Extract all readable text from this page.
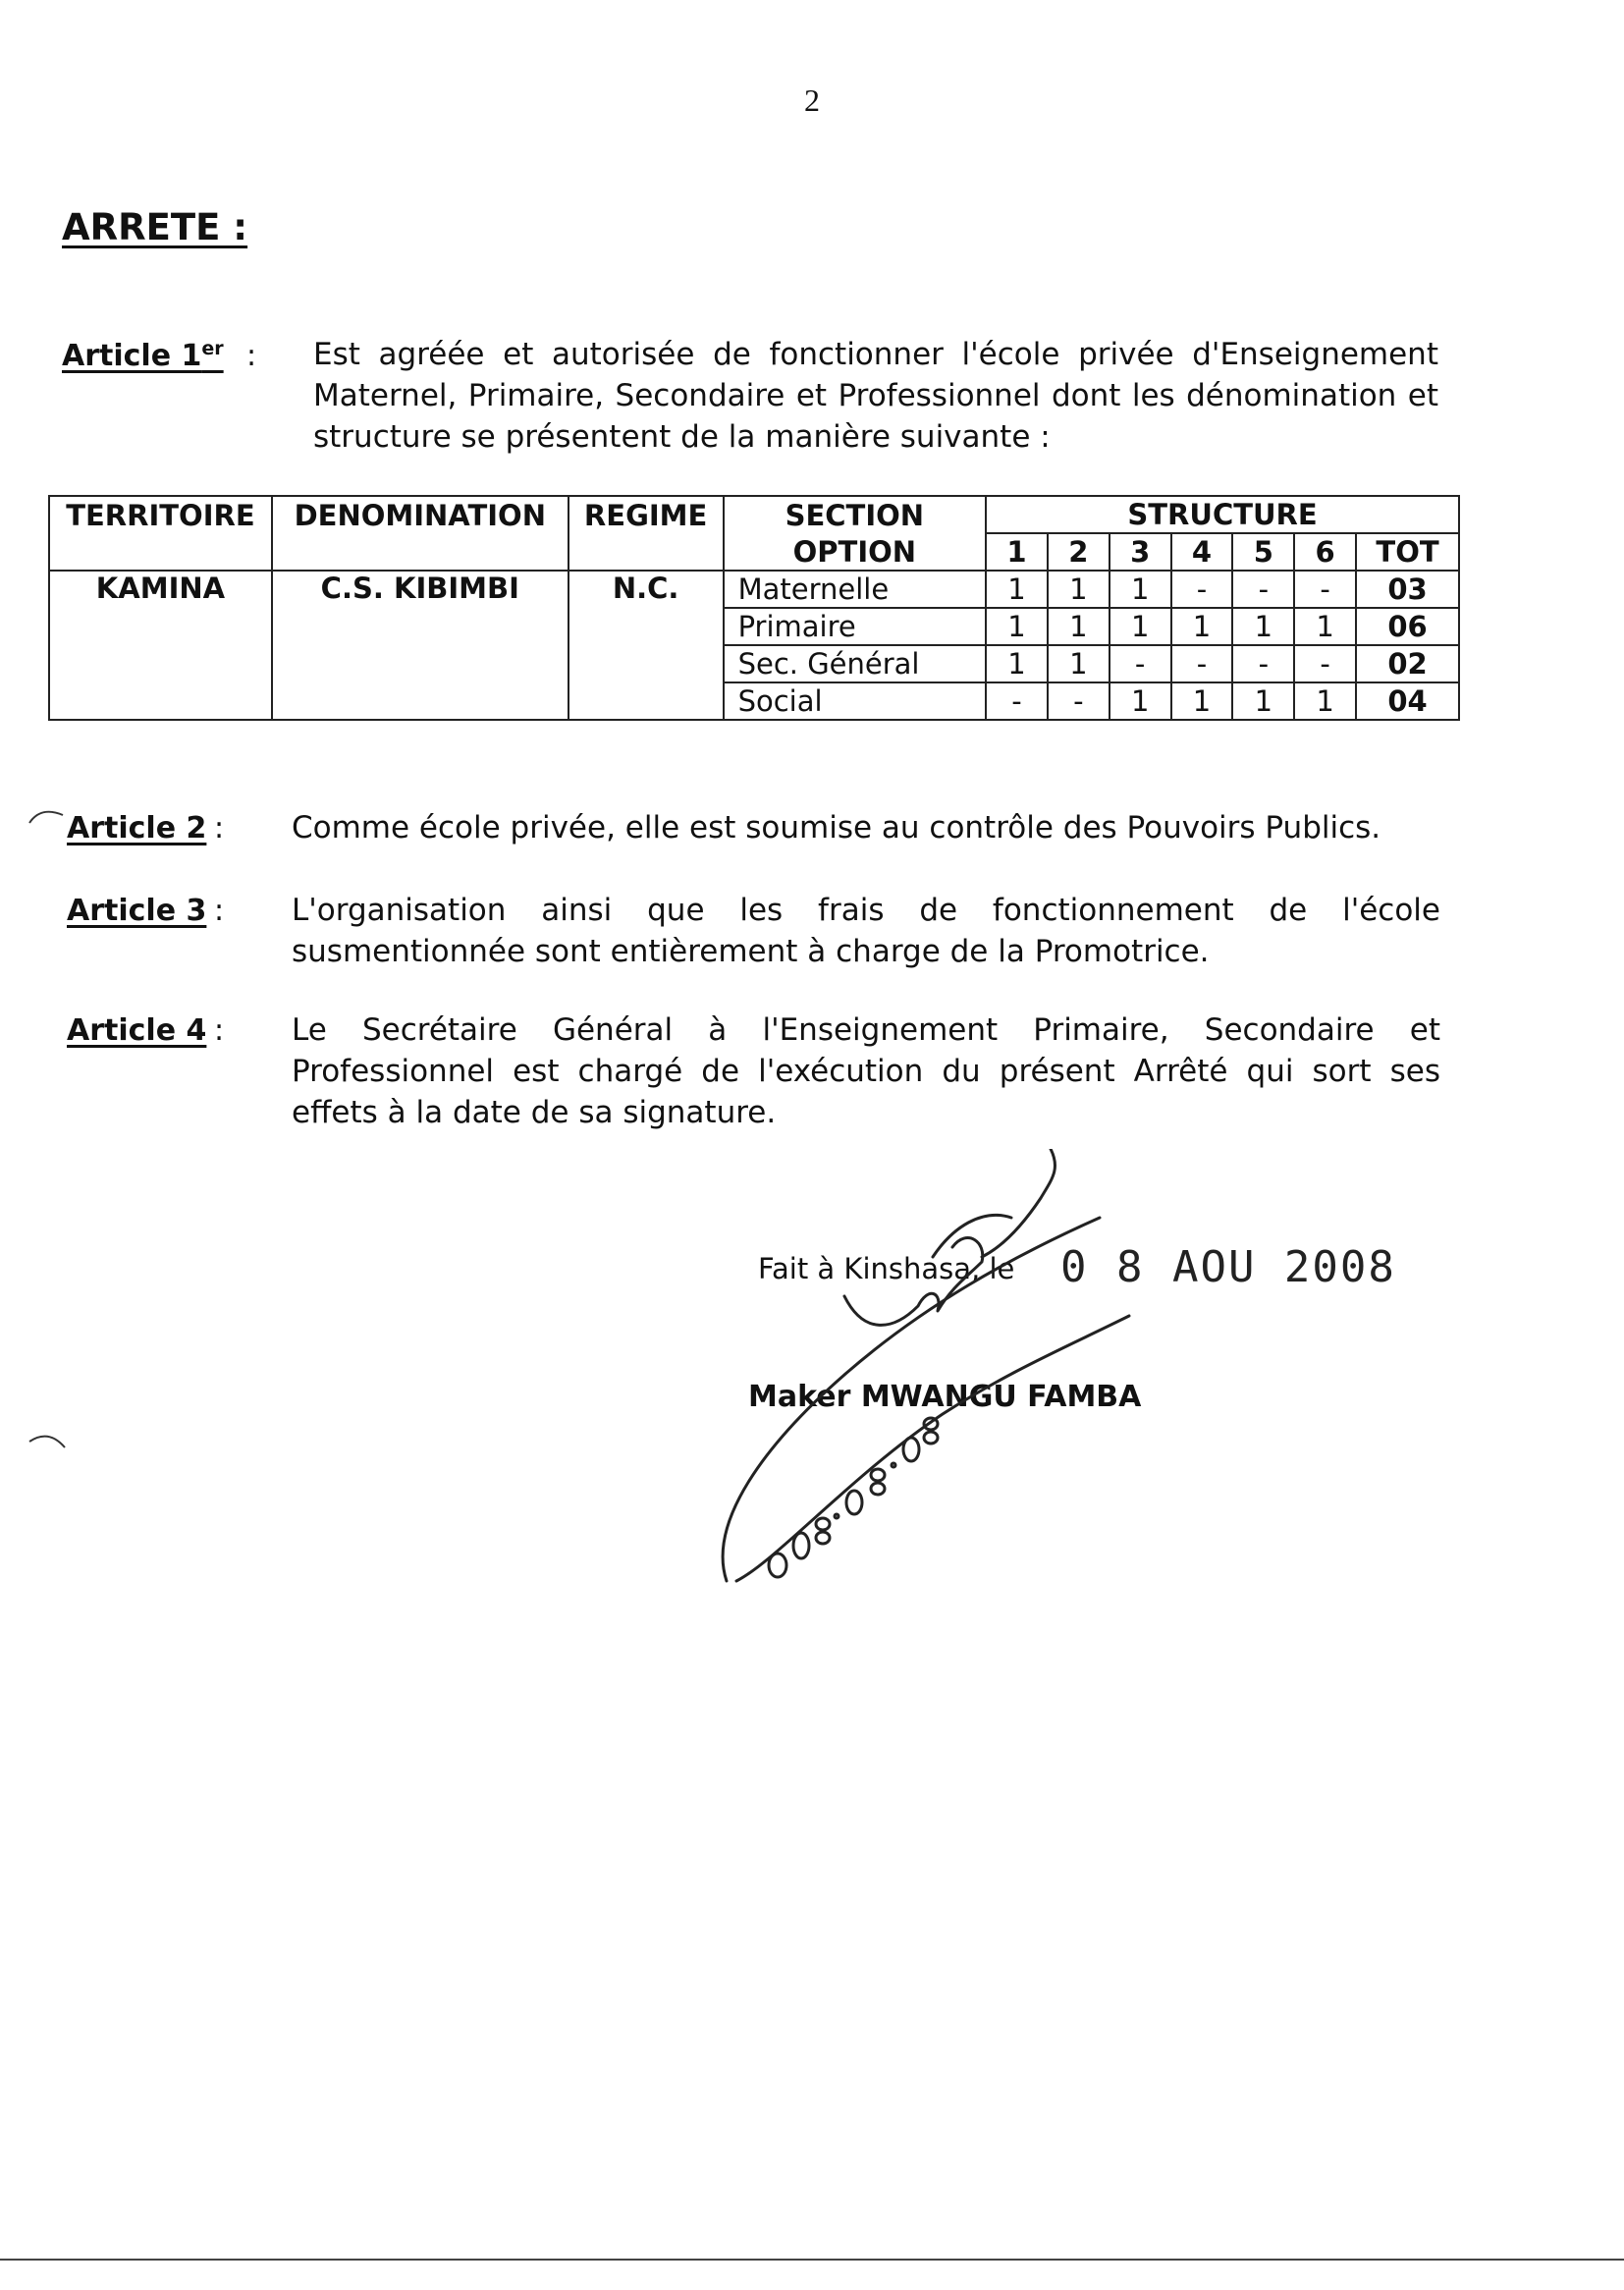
2
ARRETE :
Article 1er : Est agréée et autorisée de fonctionner l'école privée d'Enseignement Maternel, Primaire, Secondaire et Professionnel dont les dénomination et structure se présentent de la manière suivante :
TERRITOIRE	DENOMINATION	REGIME	SECTION	STRUCTURE						
			OPTION	1	2	3	4	5	6	TOT
KAMINA	C.S. KIBIMBI	N.C.	Maternelle	1	1	1	-	-	-	03
			Primaire	1	1	1	1	1	1	06
			Sec. Général	1	1	-	-	-	-	02
			Social	-	-	1	1	1	1	04
Article 2 : Comme école privée, elle est soumise au contrôle des Pouvoirs Publics.
Article 3 : L'organisation ainsi que les frais de fonctionnement de l'école susmentionnée sont entièrement à charge de la Promotrice.
Article 4 : Le Secrétaire Général à l'Enseignement Primaire, Secondaire et Professionnel est chargé de l'exécution du présent Arrêté qui sort ses effets à la date de sa signature.
Fait à Kinshasa, le 0 8 AOU 2008
Maker MWANGU FAMBA
